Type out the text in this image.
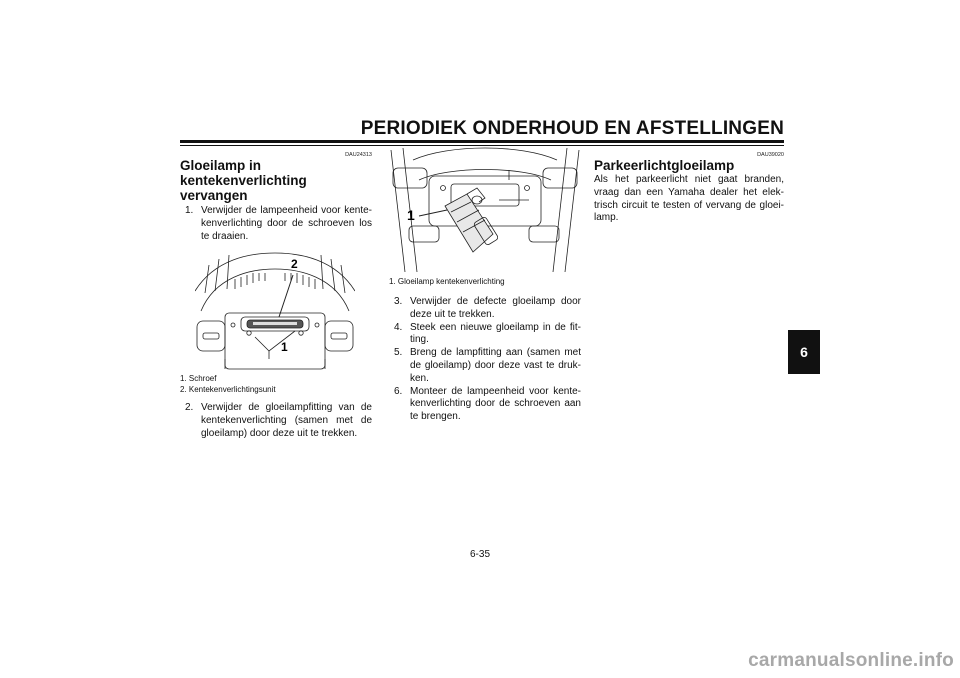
PERIODIEK ONDERHOUD EN AFSTELLINGEN
6
DAU24313
Gloeilamp in kentekenverlichting vervangen
1. Verwijder de lampeenheid voor kente-kenverlichting door de schroeven los te draaien.
2
1
1. Schroef
2. Kentekenverlichtingsunit
2. Verwijder de gloeilampfitting van de kentekenverlichting (samen met de gloeilamp) door deze uit te trekken.
1
1. Gloeilamp kentekenverlichting
3. Verwijder de defecte gloeilamp door deze uit te trekken.
4. Steek een nieuwe gloeilamp in de fit-ting.
5. Breng de lampfitting aan (samen met de gloeilamp) door deze vast te druk-ken.
6. Monteer de lampeenheid voor kente-kenverlichting door de schroeven aan te brengen.
DAU39020
Parkeerlichtgloeilamp
Als het parkeerlicht niet gaat branden, vraag dan een Yamaha dealer het elek-trisch circuit te testen of vervang de gloei-lamp.
6-35
carmanualsonline.info
